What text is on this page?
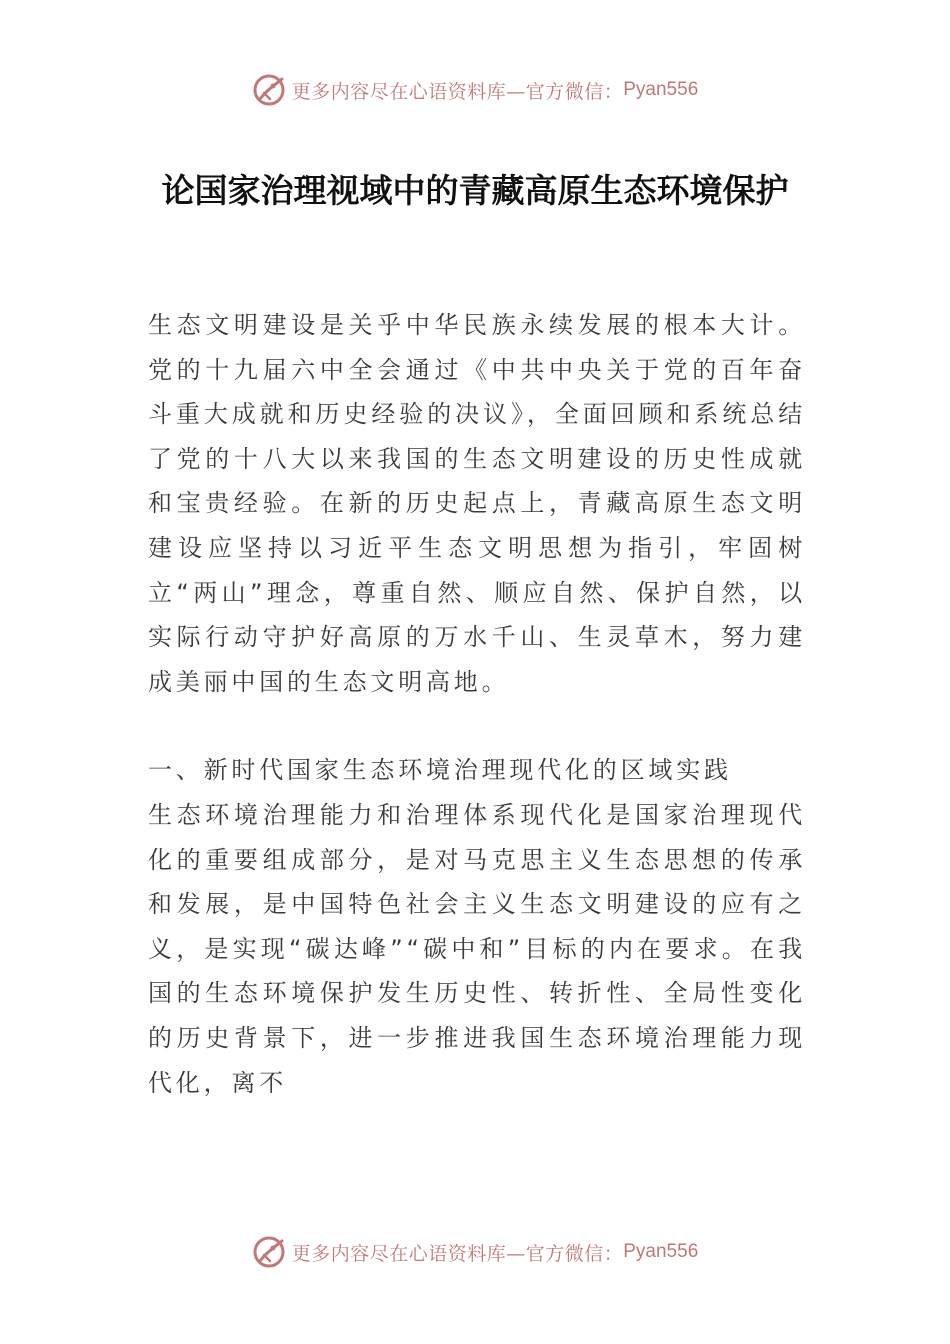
更多内容尽在心语资料库—官方微信： Pyan556
论国家治理视域中的青藏高原生态环境保护

生态文明建设是关乎中华民族永续发展的根本大计。党的十九届六中全会通过《中共中央关于党的百年奋斗重大成就和历史经验的决议》，全面回顾和系统总结了党的十八大以来我国的生态文明建设的历史性成就和宝贵经验。在新的历史起点上，青藏高原生态文明建设应坚持以习近平生态文明思想为指引，牢固树立“两山”理念，尊重自然、顺应自然、保护自然，以实际行动守护好高原的万水千山、生灵草木，努力建成美丽中国的生态文明高地。

一、新时代国家生态环境治理现代化的区域实践

生态环境治理能力和治理体系现代化是国家治理现代化的重要组成部分，是对马克思主义生态思想的传承和发展，是中国特色社会主义生态文明建设的应有之义，是实现“碳达峰”“碳中和”目标的内在要求。在我国的生态环境保护发生历史性、转折性、全局性变化的历史背景下，进一步推进我国生态环境治理能力现代化，离不

更多内容尽在心语资料库—官方微信： Pyan556
